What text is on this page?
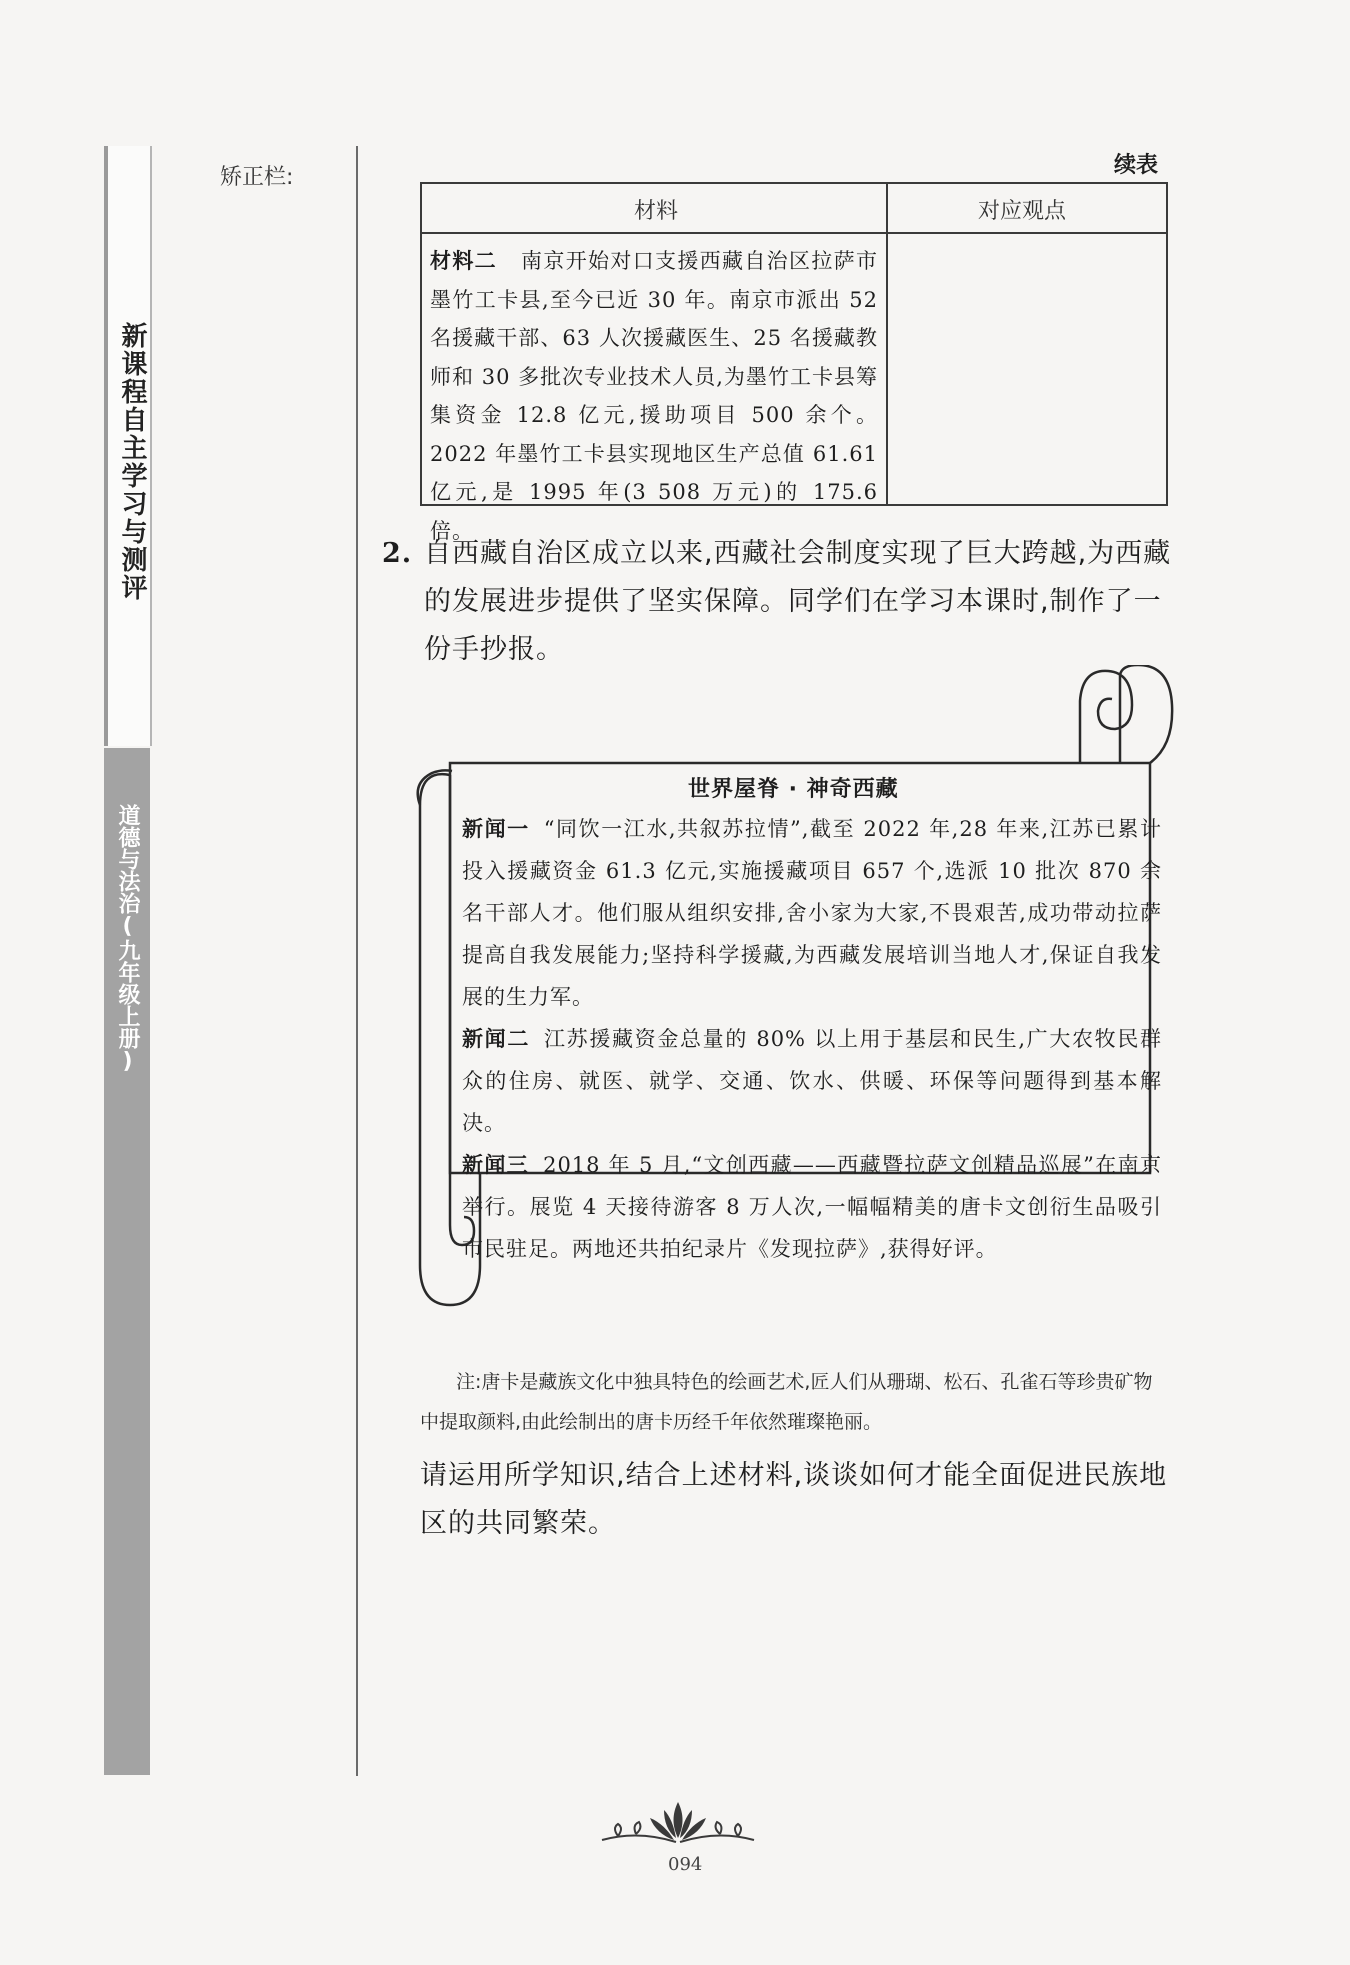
新课程自主学习与测评
道德与法治(九年级上册)
矫正栏:	续表
材料	对应观点
材料二 南京开始对口支援西藏自治区拉萨市墨竹工卡县,至今已近 30 年。南京市派出 52 名援藏干部、63 人次援藏医生、25 名援藏教师和 30 多批次专业技术人员,为墨竹工卡县筹集资金 12.8 亿元,援助项目 500 余个。2022 年墨竹工卡县实现地区生产总值 61.61 亿元,是 1995 年(3 508 万元)的 175.6 倍。
2. 自西藏自治区成立以来,西藏社会制度实现了巨大跨越,为西藏的发展进步提供了坚实保障。同学们在学习本课时,制作了一份手抄报。
世界屋脊 · 神奇西藏

新闻一 “同饮一江水,共叙苏拉情”,截至 2022 年,28 年来,江苏已累计投入援藏资金 61.3 亿元,实施援藏项目 657 个,选派 10 批次 870 余名干部人才。他们服从组织安排,舍小家为大家,不畏艰苦,成功带动拉萨提高自我发展能力;坚持科学援藏,为西藏发展培训当地人才,保证自我发展的生力军。

新闻二 江苏援藏资金总量的 80% 以上用于基层和民生,广大农牧民群众的住房、就医、就学、交通、饮水、供暖、环保等问题得到基本解决。

新闻三 2018 年 5 月,“文创西藏——西藏暨拉萨文创精品巡展”在南京举行。展览 4 天接待游客 8 万人次,一幅幅精美的唐卡文创衍生品吸引市民驻足。两地还共拍纪录片《发现拉萨》,获得好评。

注:唐卡是藏族文化中独具特色的绘画艺术,匠人们从珊瑚、松石、孔雀石等珍贵矿物中提取颜料,由此绘制出的唐卡历经千年依然璀璨艳丽。
请运用所学知识,结合上述材料,谈谈如何才能全面促进民族地区的共同繁荣。
094
